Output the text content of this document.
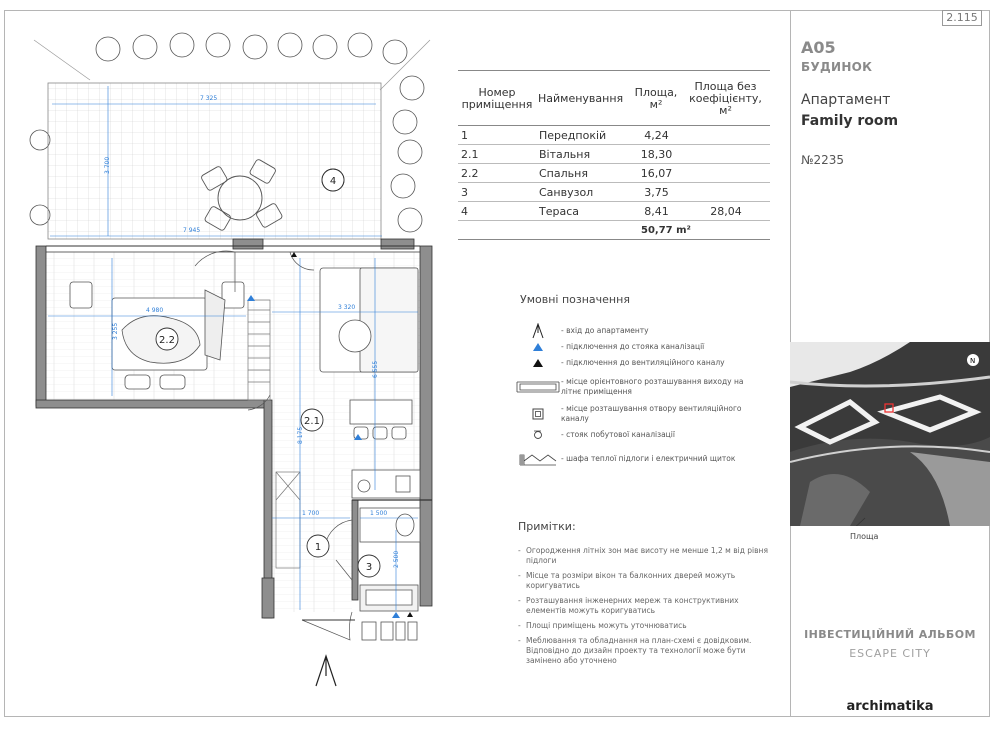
2.115
7 325
3 700
7 945
4 980
3 255
3 320
6 555
8 175
1 700	1 500
2 500
4
2.2
2.1
1
3
Номер приміщення	Найменування	Площа, м²	Площа без коефіцієнту, м²
1	Передпокій	4,24	
2.1	Вітальня	18,30	
2.2	Спальня	16,07	
3	Санвузол	3,75	
4	Тераса	8,41	28,04
		50,77 m²	
Умовні позначення
- вхід до апартаменту
- підключення до стояка каналізації
- підключення до вентиляційного каналу
- місце орієнтовного розташування виходу на літнє приміщення
- місце розташування отвору вентиляційного каналу
- стояк побутової каналізації
- шафа теплої підлоги і електричний щиток
Примітки:
- Огородження літніх зон має висоту не менше 1,2 м від рівня підлоги
- Місце та розміри вікон та балконних дверей можуть коригуватись
- Розташування інженерних мереж та конструктивних елементів можуть коригуватись
- Площі приміщень можуть уточнюватись
- Меблювання та обладнання на план-схемі є довідковим. Відповідно до дизайн проекту та технології може бути замінено або уточнено
A05
БУДИНОК
Апартамент
Family room
№2235
N
Площа
ІНВЕСТИЦІЙНИЙ АЛЬБОМ
ESCAPE CITY
archimatika
